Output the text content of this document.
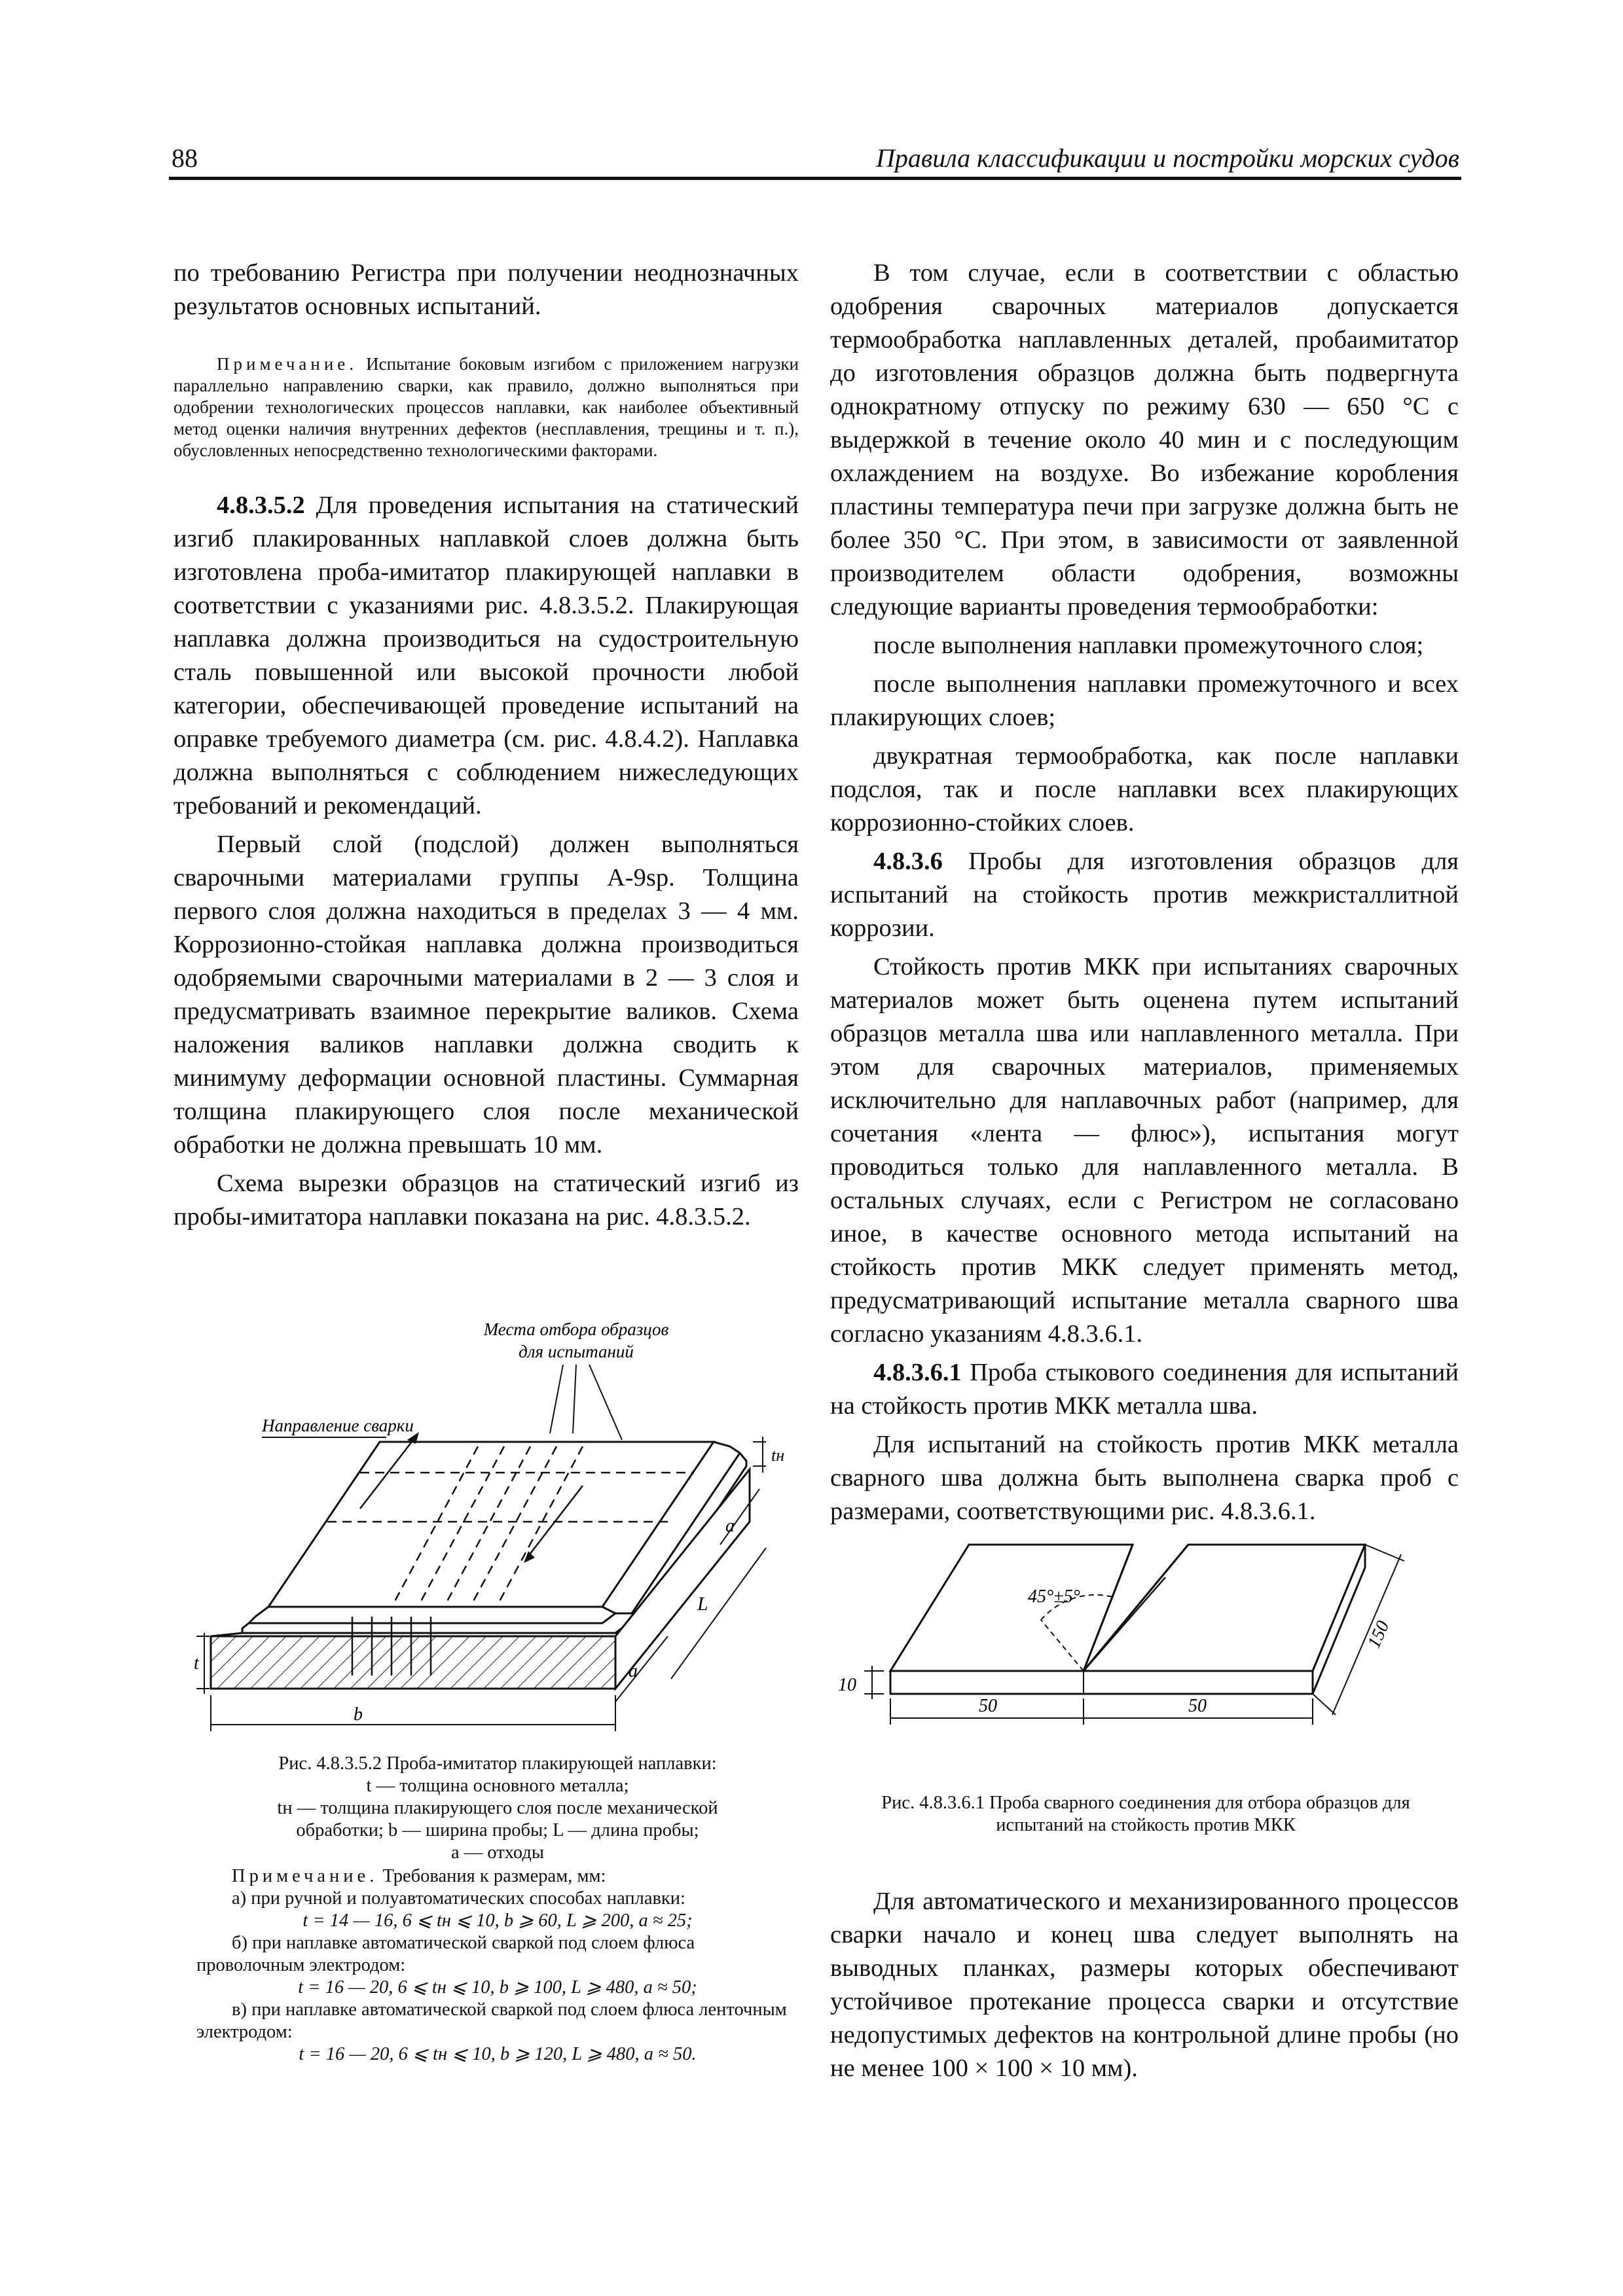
88	Правила классификации и постройки морских судов

по требованию Регистра при получении неоднозначных результатов основных испытаний.

Примечание. Испытание боковым изгибом с приложением нагрузки параллельно направлению сварки, как правило, должно выполняться при одобрении технологических процессов наплавки, как наиболее объективный метод оценки наличия внутренних дефектов (несплавления, трещины и т. п.), обусловленных непосредственно технологическими факторами.

4.8.3.5.2 Для проведения испытания на статический изгиб плакированных наплавкой слоев должна быть изготовлена проба-имитатор плакирующей наплавки в соответствии с указаниями рис. 4.8.3.5.2. Плакирующая наплавка должна производиться на судостроительную сталь повышенной или высокой прочности любой категории, обеспечивающей проведение испытаний на оправке требуемого диаметра (см. рис. 4.8.4.2). Наплавка должна выполняться с соблюдением нижеследующих требований и рекомендаций.

Первый слой (подслой) должен выполняться сварочными материалами группы A-9sp. Толщина первого слоя должна находиться в пределах 3 — 4 мм. Коррозионно-стойкая наплавка должна производиться одобряемыми сварочными материалами в 2 — 3 слоя и предусматривать взаимное перекрытие валиков. Схема наложения валиков наплавки должна сводить к минимуму деформации основной пластины. Суммарная толщина плакирующего слоя после механической обработки не должна превышать 10 мм.

Схема вырезки образцов на статический изгиб из пробы-имитатора наплавки показана на рис. 4.8.3.5.2.

Места отбора образцов
для испытаний
Направление сварки
tн
a
L
a
t
b
Рис. 4.8.3.5.2 Проба-имитатор плакирующей наплавки:
t — толщина основного металла;
tн — толщина плакирующего слоя после механической
обработки; b — ширина пробы; L — длина пробы;
a — отходы

Примечание. Требования к размерам, мм:

а) при ручной и полуавтоматических способах наплавки:

t = 14 — 16, 6 ⩽ tн ⩽ 10, b ⩾ 60, L ⩾ 200, a ≈ 25;

б) при наплавке автоматической сваркой под слоем флюса проволочным электродом:

t = 16 — 20, 6 ⩽ tн ⩽ 10, b ⩾ 100, L ⩾ 480, a ≈ 50;

в) при наплавке автоматической сваркой под слоем флюса ленточным электродом:

t = 16 — 20, 6 ⩽ tн ⩽ 10, b ⩾ 120, L ⩾ 480, a ≈ 50.

В том случае, если в соответствии с областью одобрения сварочных материалов допускается термообработка наплавленных деталей, пробаимитатор до изготовления образцов должна быть подвергнута однократному отпуску по режиму 630 — 650 °С с выдержкой в течение около 40 мин и с последующим охлаждением на воздухе. Во избежание коробления пластины температура печи при загрузке должна быть не более 350 °С. При этом, в зависимости от заявленной производителем области одобрения, возможны следующие варианты проведения термообработки:

после выполнения наплавки промежуточного слоя;

после выполнения наплавки промежуточного и всех плакирующих слоев;

двукратная термообработка, как после наплавки подслоя, так и после наплавки всех плакирующих коррозионно-стойких слоев.

4.8.3.6 Пробы для изготовления образцов для испытаний на стойкость против межкристаллитной коррозии.

Стойкость против МКК при испытаниях сварочных материалов может быть оценена путем испытаний образцов металла шва или наплавленного металла. При этом для сварочных материалов, применяемых исключительно для наплавочных работ (например, для сочетания «лента — флюс»), испытания могут проводиться только для наплавленного металла. В остальных случаях, если с Регистром не согласовано иное, в качестве основного метода испытаний на стойкость против МКК следует применять метод, предусматривающий испытание металла сварного шва согласно указаниям 4.8.3.6.1.

4.8.3.6.1 Проба стыкового соединения для испытаний на стойкость против МКК металла шва.

Для испытаний на стойкость против МКК металла сварного шва должна быть выполнена сварка проб с размерами, соответствующими рис. 4.8.3.6.1.

45°±5°
10
50	50
150
Рис. 4.8.3.6.1 Проба сварного соединения для отбора образцов для
испытаний на стойкость против МКК

Для автоматического и механизированного процессов сварки начало и конец шва следует выполнять на выводных планках, размеры которых обеспечивают устойчивое протекание процесса сварки и отсутствие недопустимых дефектов на контрольной длине пробы (но не менее 100 × 100 × 10 мм).
